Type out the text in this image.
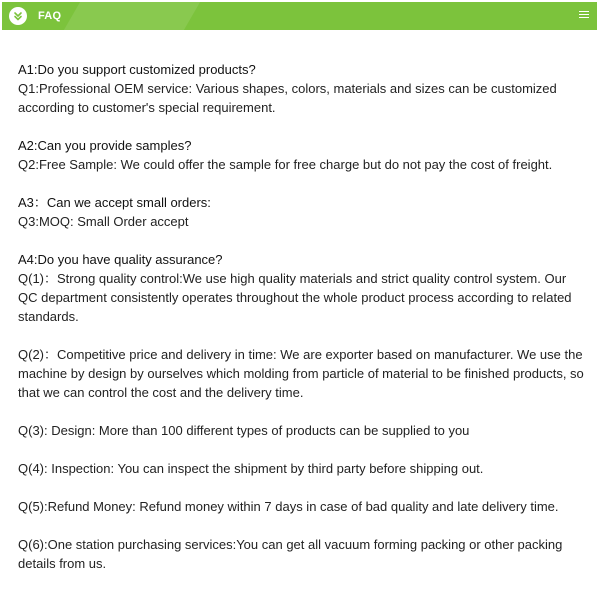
FAQ

A1:Do you support customized products?

Q1:Professional OEM service: Various shapes, colors, materials and sizes can be customized according to customer's special requirement.

A2:Can you provide samples?

Q2:Free Sample: We could offer the sample for free charge but do not pay the cost of freight.

A3：Can we accept small orders:

Q3:MOQ: Small Order accept

A4:Do you have quality assurance?

Q(1)：Strong quality control:We use high quality materials and strict quality control system. Our QC department consistently operates throughout the whole product process according to related standards.

Q(2)：Competitive price and delivery in time: We are exporter based on manufacturer. We use the machine by design by ourselves which molding from particle of material to be finished products, so that we can control the cost and the delivery time.

Q(3): Design: More than 100 different types of products can be supplied to you

Q(4): Inspection: You can inspect the shipment by third party before shipping out.

Q(5):Refund Money: Refund money within 7 days in case of bad quality and late delivery time.

Q(6):One station purchasing services:You can get all vacuum forming packing or other packing details from us.
